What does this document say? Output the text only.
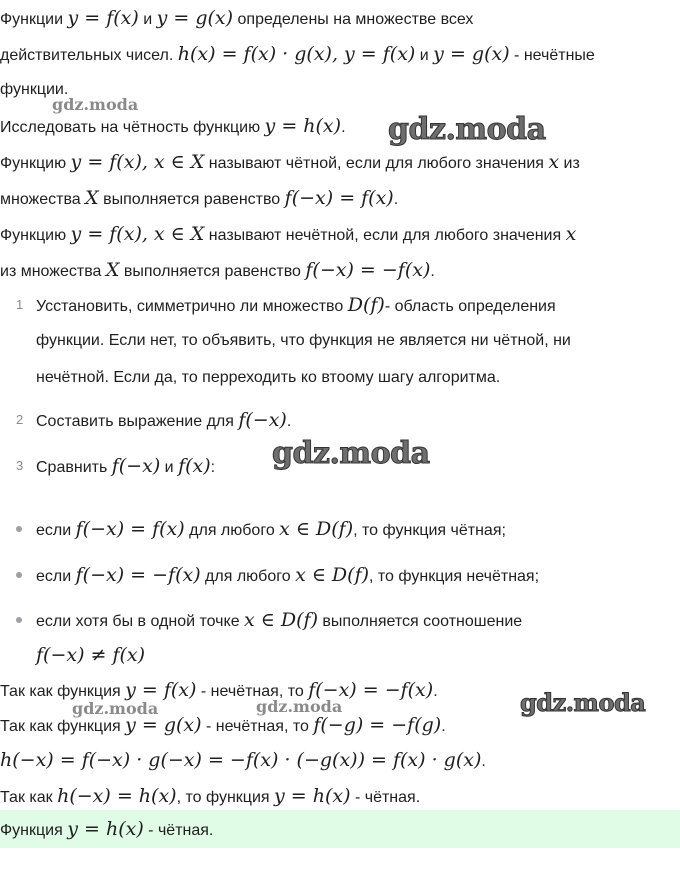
Функции y = f(x) и y = g(x) определены на множестве всех
действительных чисел. h(x) = f(x) · g(x), y = f(x) и y = g(x) - нечётные
функции.
Исследовать на чётность функцию y = h(x).
Функцию y = f(x), x ∈ X называют чётной, если для любого значения x из
множества X выполняется равенство f(−x) = f(x).
Функцию y = f(x), x ∈ X называют нечётной, если для любого значения x
из множества X выполняется равенство f(−x) = −f(x).
1 Усстановить, симметрично ли множество D(f)- область определения
функции. Если нет, то объявить, что функция не является ни чётной, ни
нечётной. Если да, то перреходить ко втоому шагу алгоритма.
2 Составить выражение для f(−x).
3 Сравнить f(−x) и f(x):
если f(−x) = f(x) для любого x ∈ D(f), то функция чётная;
если f(−x) = −f(x) для любого x ∈ D(f), то функция нечётная;
если хотя бы в одной точке x ∈ D(f) выполняется соотношение
f(−x) ≠ f(x)
Так как функция y = f(x) - нечётная, то f(−x) = −f(x).
Так как функция y = g(x) - нечётная, то f(−g) = −f(g).
h(−x) = f(−x) · g(−x) = −f(x) · (−g(x)) = f(x) · g(x).
Так как h(−x) = h(x), то функция y = h(x) - чётная.
Функция y = h(x) - чётная.
gdz.moda
gdz.moda
gdz.moda
gdz.moda	gdz.moda	gdz.moda
